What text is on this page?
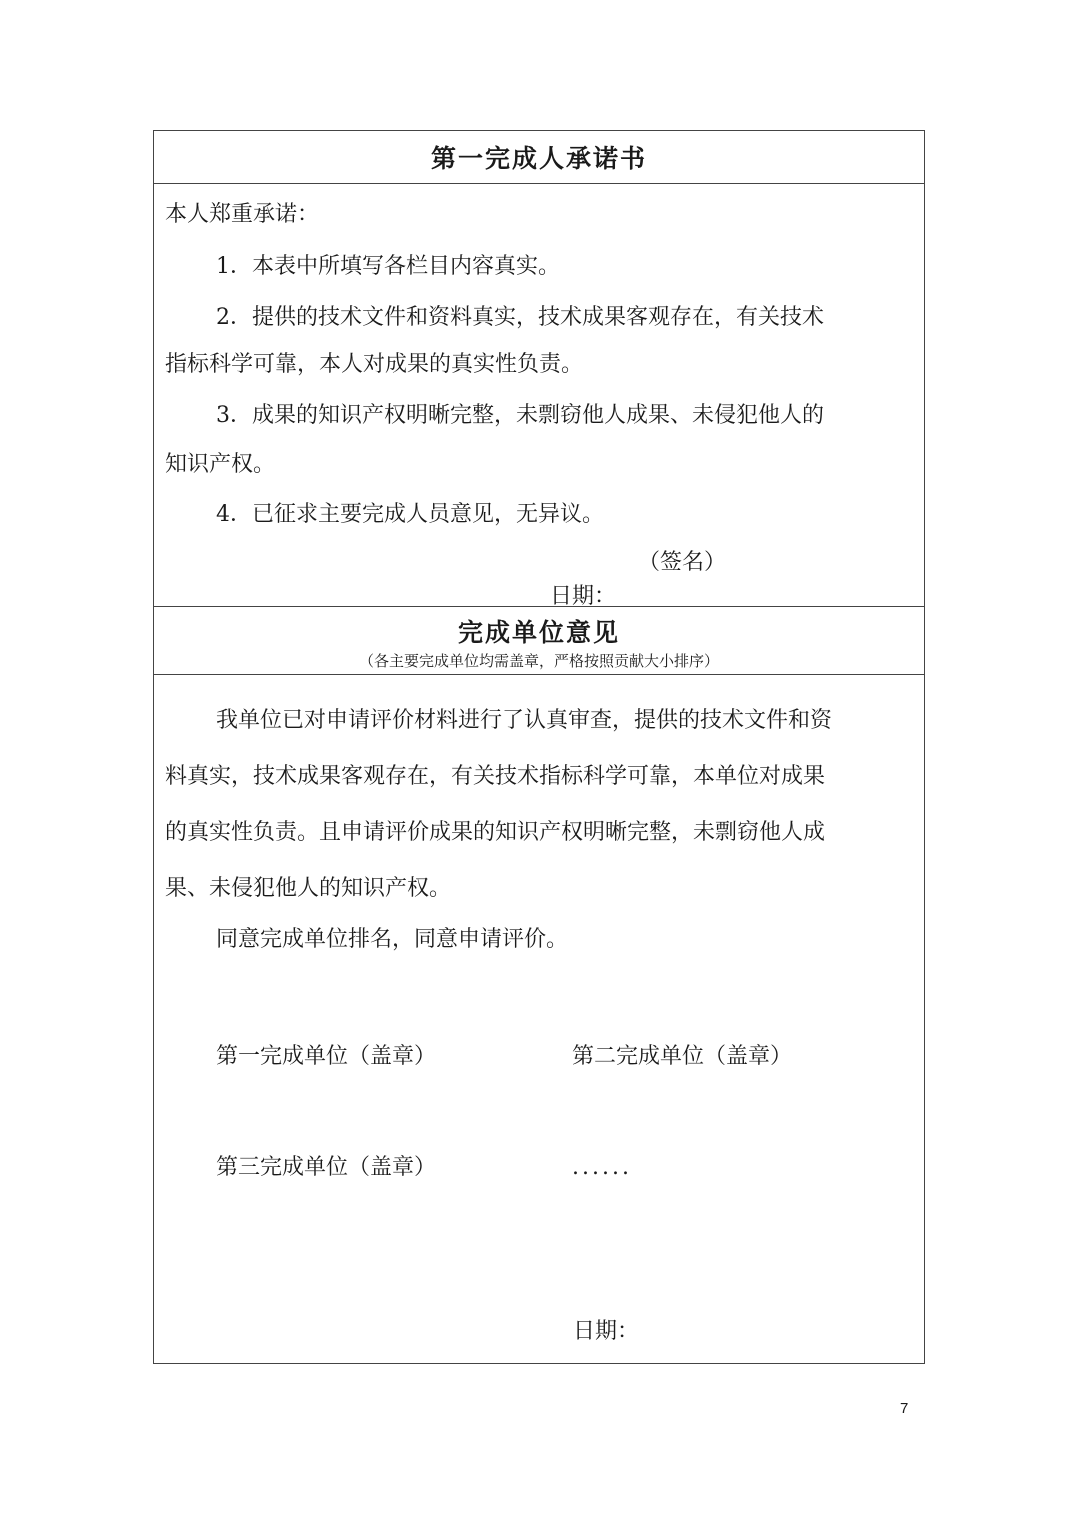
第一完成人承诺书
本人郑重承诺：
1．本表中所填写各栏目内容真实。
2．提供的技术文件和资料真实，技术成果客观存在，有关技术
指标科学可靠，本人对成果的真实性负责。
3．成果的知识产权明晰完整，未剽窃他人成果、未侵犯他人的
知识产权。
4．已征求主要完成人员意见，无异议。
（签名）
日期：
完成单位意见
（各主要完成单位均需盖章，严格按照贡献大小排序）
我单位已对申请评价材料进行了认真审查，提供的技术文件和资
料真实，技术成果客观存在，有关技术指标科学可靠，本单位对成果
的真实性负责。且申请评价成果的知识产权明晰完整，未剽窃他人成
果、未侵犯他人的知识产权。
同意完成单位排名，同意申请评价。
第一完成单位（盖章）	第二完成单位（盖章）
第三完成单位（盖章）	......
日期：
7
